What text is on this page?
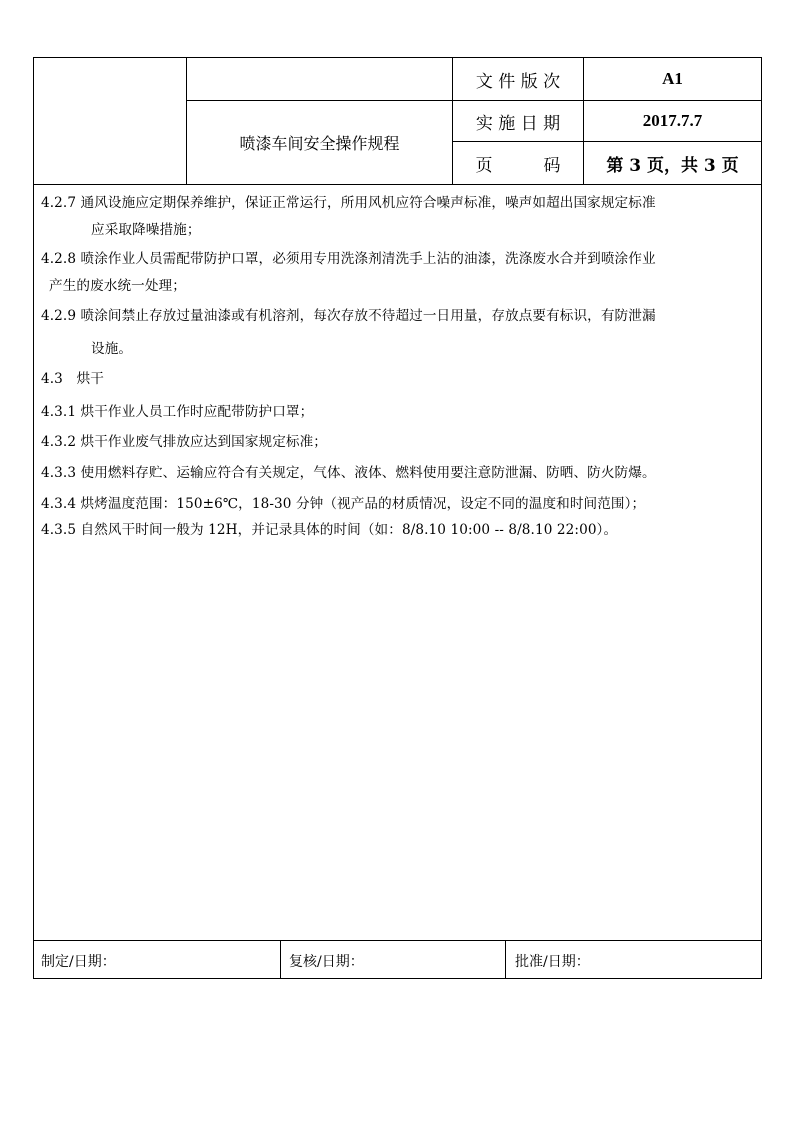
喷漆车间安全操作规程
文 件 版 次
实 施 日 期
页　　　码
A1
2017.7.7
第 3 页，共 3 页
4.2.7 通风设施应定期保养维护，保证正常运行，所用风机应符合噪声标准，噪声如超出国家规定标准
应采取降噪措施；
4.2.8 喷涂作业人员需配带防护口罩，必须用专用洗涤剂清洗手上沾的油漆，洗涤废水合并到喷涂作业
产生的废水统一处理；
4.2.9 喷涂间禁止存放过量油漆或有机溶剂，每次存放不待超过一日用量，存放点要有标识，有防泄漏
设施。
4.3　烘干
4.3.1 烘干作业人员工作时应配带防护口罩；
4.3.2 烘干作业废气排放应达到国家规定标准；
4.3.3 使用燃料存贮、运输应符合有关规定，气体、液体、燃料使用要注意防泄漏、防晒、防火防爆。
4.3.4 烘烤温度范围：150±6℃，18-30 分钟（视产品的材质情况，设定不同的温度和时间范围）；
4.3.5 自然风干时间一般为 12H，并记录具体的时间（如：8/8.10 10:00 -- 8/8.10 22:00）。
制定/日期：	复核/日期：	批准/日期：
